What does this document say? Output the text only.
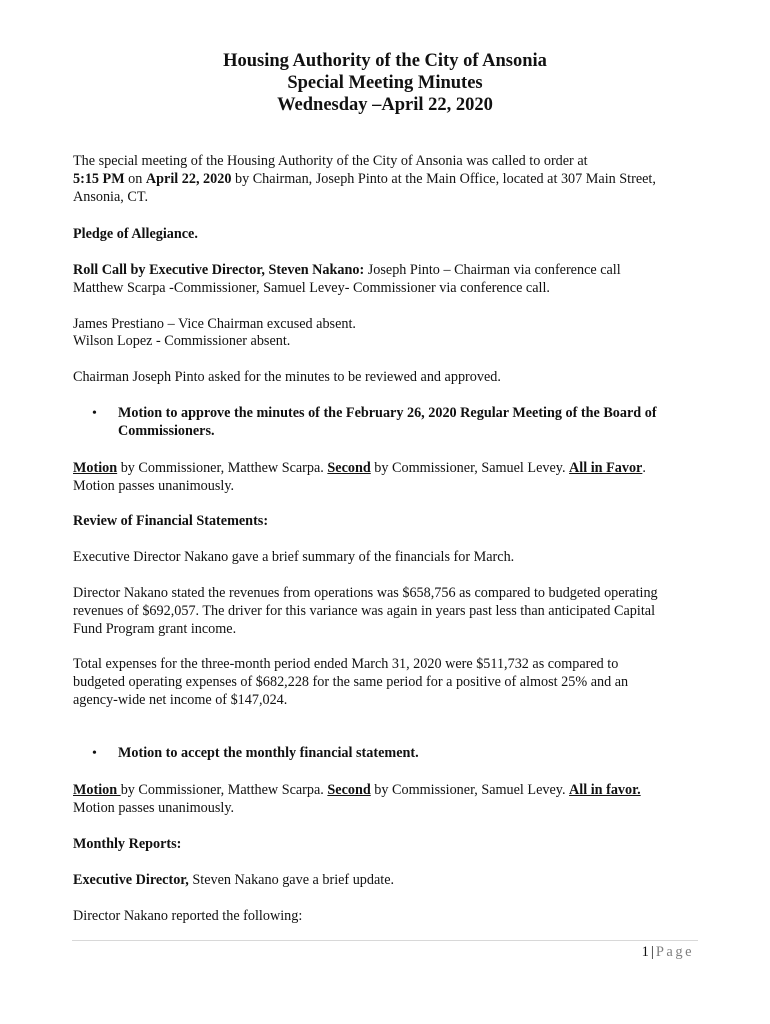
Housing Authority of the City of Ansonia
Special Meeting Minutes
Wednesday –April 22, 2020
The special meeting of the Housing Authority of the City of Ansonia was called to order at
5:15 PM on April 22, 2020 by Chairman, Joseph Pinto at the Main Office, located at 307 Main Street,
Ansonia, CT.
Pledge of Allegiance.
Roll Call by Executive Director, Steven Nakano: Joseph Pinto – Chairman via conference call
Matthew Scarpa -Commissioner, Samuel Levey- Commissioner via conference call.
James Prestiano – Vice Chairman excused absent.
Wilson Lopez - Commissioner absent.
Chairman Joseph Pinto asked for the minutes to be reviewed and approved.
• Motion to approve the minutes of the February 26, 2020 Regular Meeting of the Board of
Commissioners.
Motion by Commissioner, Matthew Scarpa. Second by Commissioner, Samuel Levey. All in Favor.
Motion passes unanimously.
Review of Financial Statements:
Executive Director Nakano gave a brief summary of the financials for March.
Director Nakano stated the revenues from operations was $658,756 as compared to budgeted operating
revenues of $692,057. The driver for this variance was again in years past less than anticipated Capital
Fund Program grant income.
Total expenses for the three-month period ended March 31, 2020 were $511,732 as compared to
budgeted operating expenses of $682,228 for the same period for a positive of almost 25% and an
agency-wide net income of $147,024.
• Motion to accept the monthly financial statement.
Motion by Commissioner, Matthew Scarpa. Second by Commissioner, Samuel Levey. All in favor.
Motion passes unanimously.
Monthly Reports:
Executive Director, Steven Nakano gave a brief update.
Director Nakano reported the following:
1 | Page
